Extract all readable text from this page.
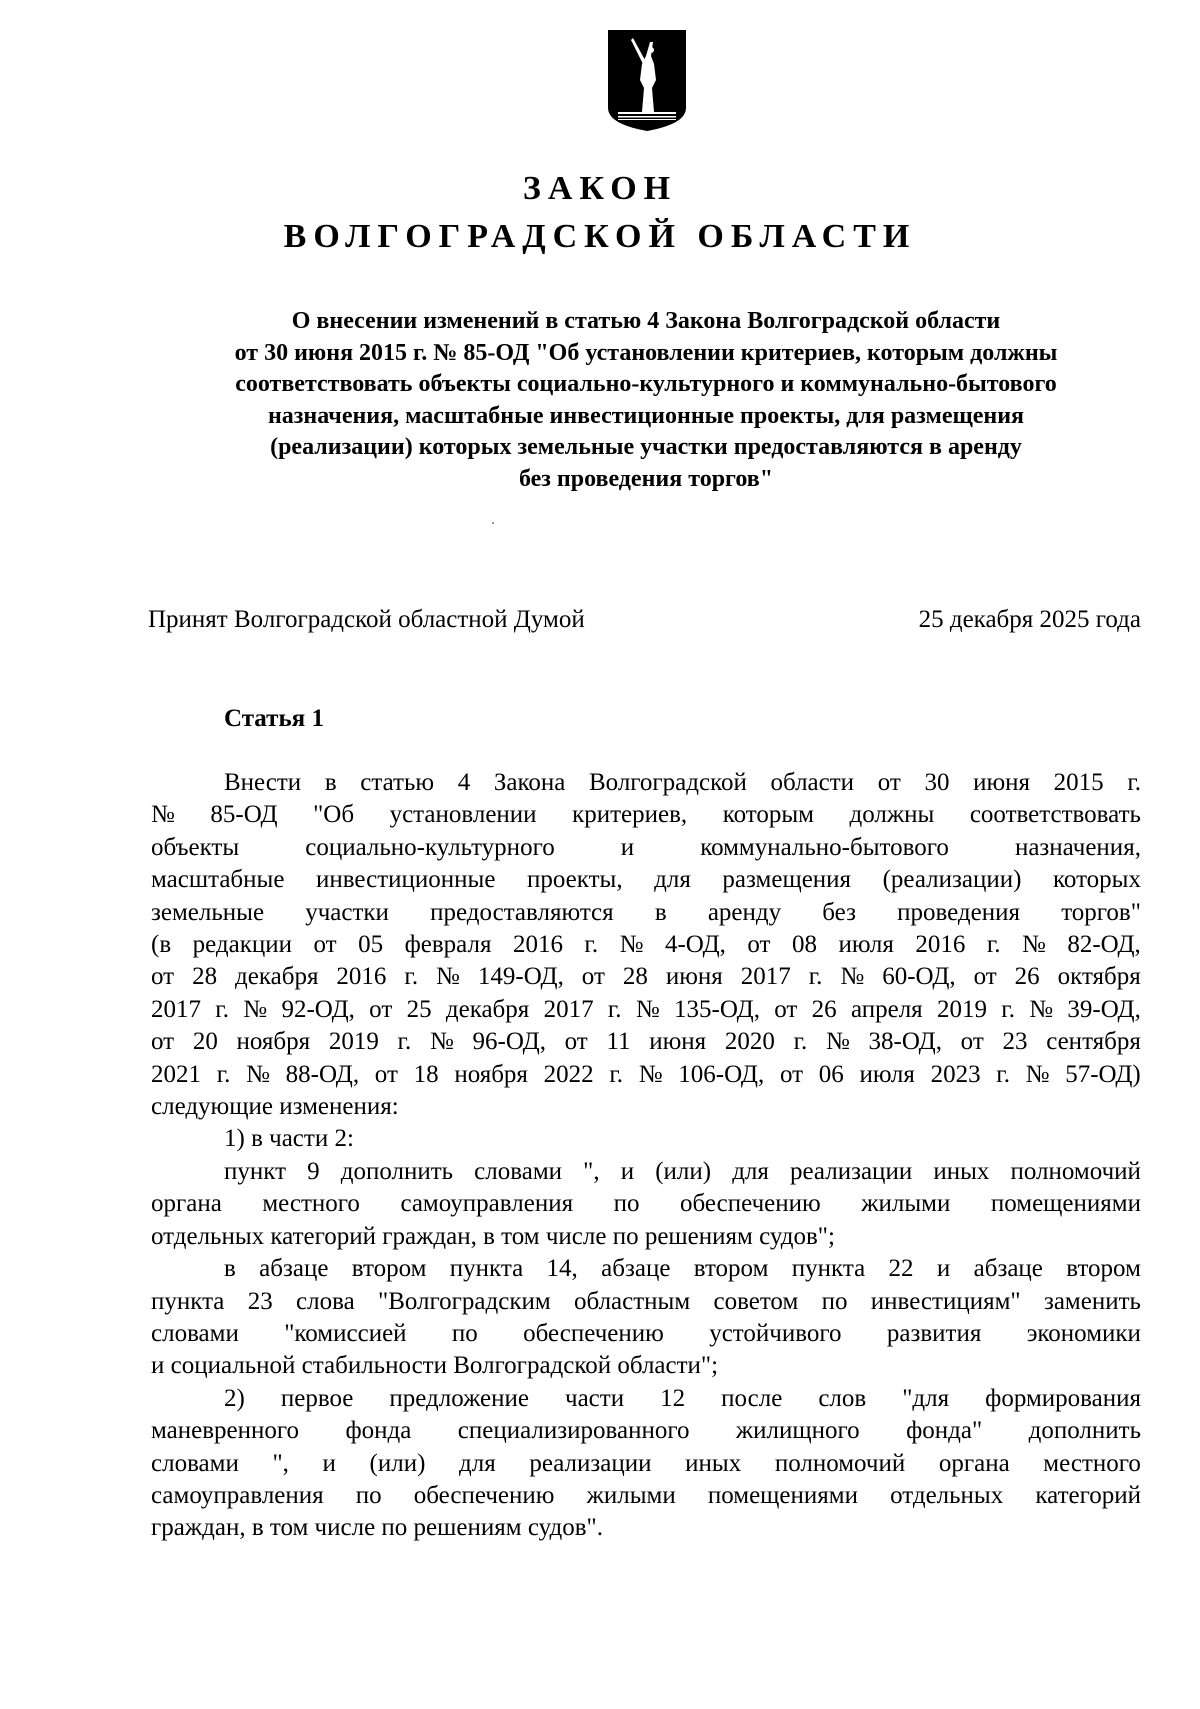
ЗАКОН
ВОЛГОГРАДСКОЙ ОБЛАСТИ
О внесении изменений в статью 4 Закона Волгоградской области
от 30 июня 2015 г. № 85-ОД "Об установлении критериев, которым должны
соответствовать объекты социально-культурного и коммунально-бытового
назначения, масштабные инвестиционные проекты, для размещения
(реализации) которых земельные участки предоставляются в аренду
без проведения торгов"
Принят Волгоградской областной Думой	25 декабря 2025 года
Статья 1
Внести в статью 4 Закона Волгоградской области от 30 июня 2015 г.
№ 85-ОД "Об установлении критериев, которым должны соответствовать
объекты	социально-культурного	и	коммунально-бытового	назначения,
масштабные инвестиционные проекты, для размещения (реализации) которых
земельные участки предоставляются в аренду без проведения торгов"
(в редакции от 05 февраля 2016 г. № 4-ОД, от 08 июля 2016 г. № 82-ОД,
от 28 декабря 2016 г. № 149-ОД, от 28 июня 2017 г. № 60-ОД, от 26 октября
2017 г. № 92-ОД, от 25 декабря 2017 г. № 135-ОД, от 26 апреля 2019 г. № 39-ОД,
от 20 ноября 2019 г. № 96-ОД, от 11 июня 2020 г. № 38-ОД, от 23 сентября
2021 г. № 88-ОД, от 18 ноября 2022 г. № 106-ОД, от 06 июля 2023 г. № 57-ОД)
следующие изменения:
1) в части 2:
пункт 9 дополнить словами ", и (или) для реализации иных полномочий
органа местного самоуправления по обеспечению жилыми помещениями
отдельных категорий граждан, в том числе по решениям судов";
в абзаце втором пункта 14, абзаце втором пункта 22 и абзаце втором
пункта 23 слова "Волгоградским областным советом по инвестициям" заменить
словами "комиссией по обеспечению устойчивого развития экономики
и социальной стабильности Волгоградской области";
2) первое предложение части 12 после слов "для формирования
маневренного фонда специализированного жилищного фонда" дополнить
словами ", и (или) для реализации иных полномочий органа местного
самоуправления по обеспечению жилыми помещениями отдельных категорий
граждан, в том числе по решениям судов".
